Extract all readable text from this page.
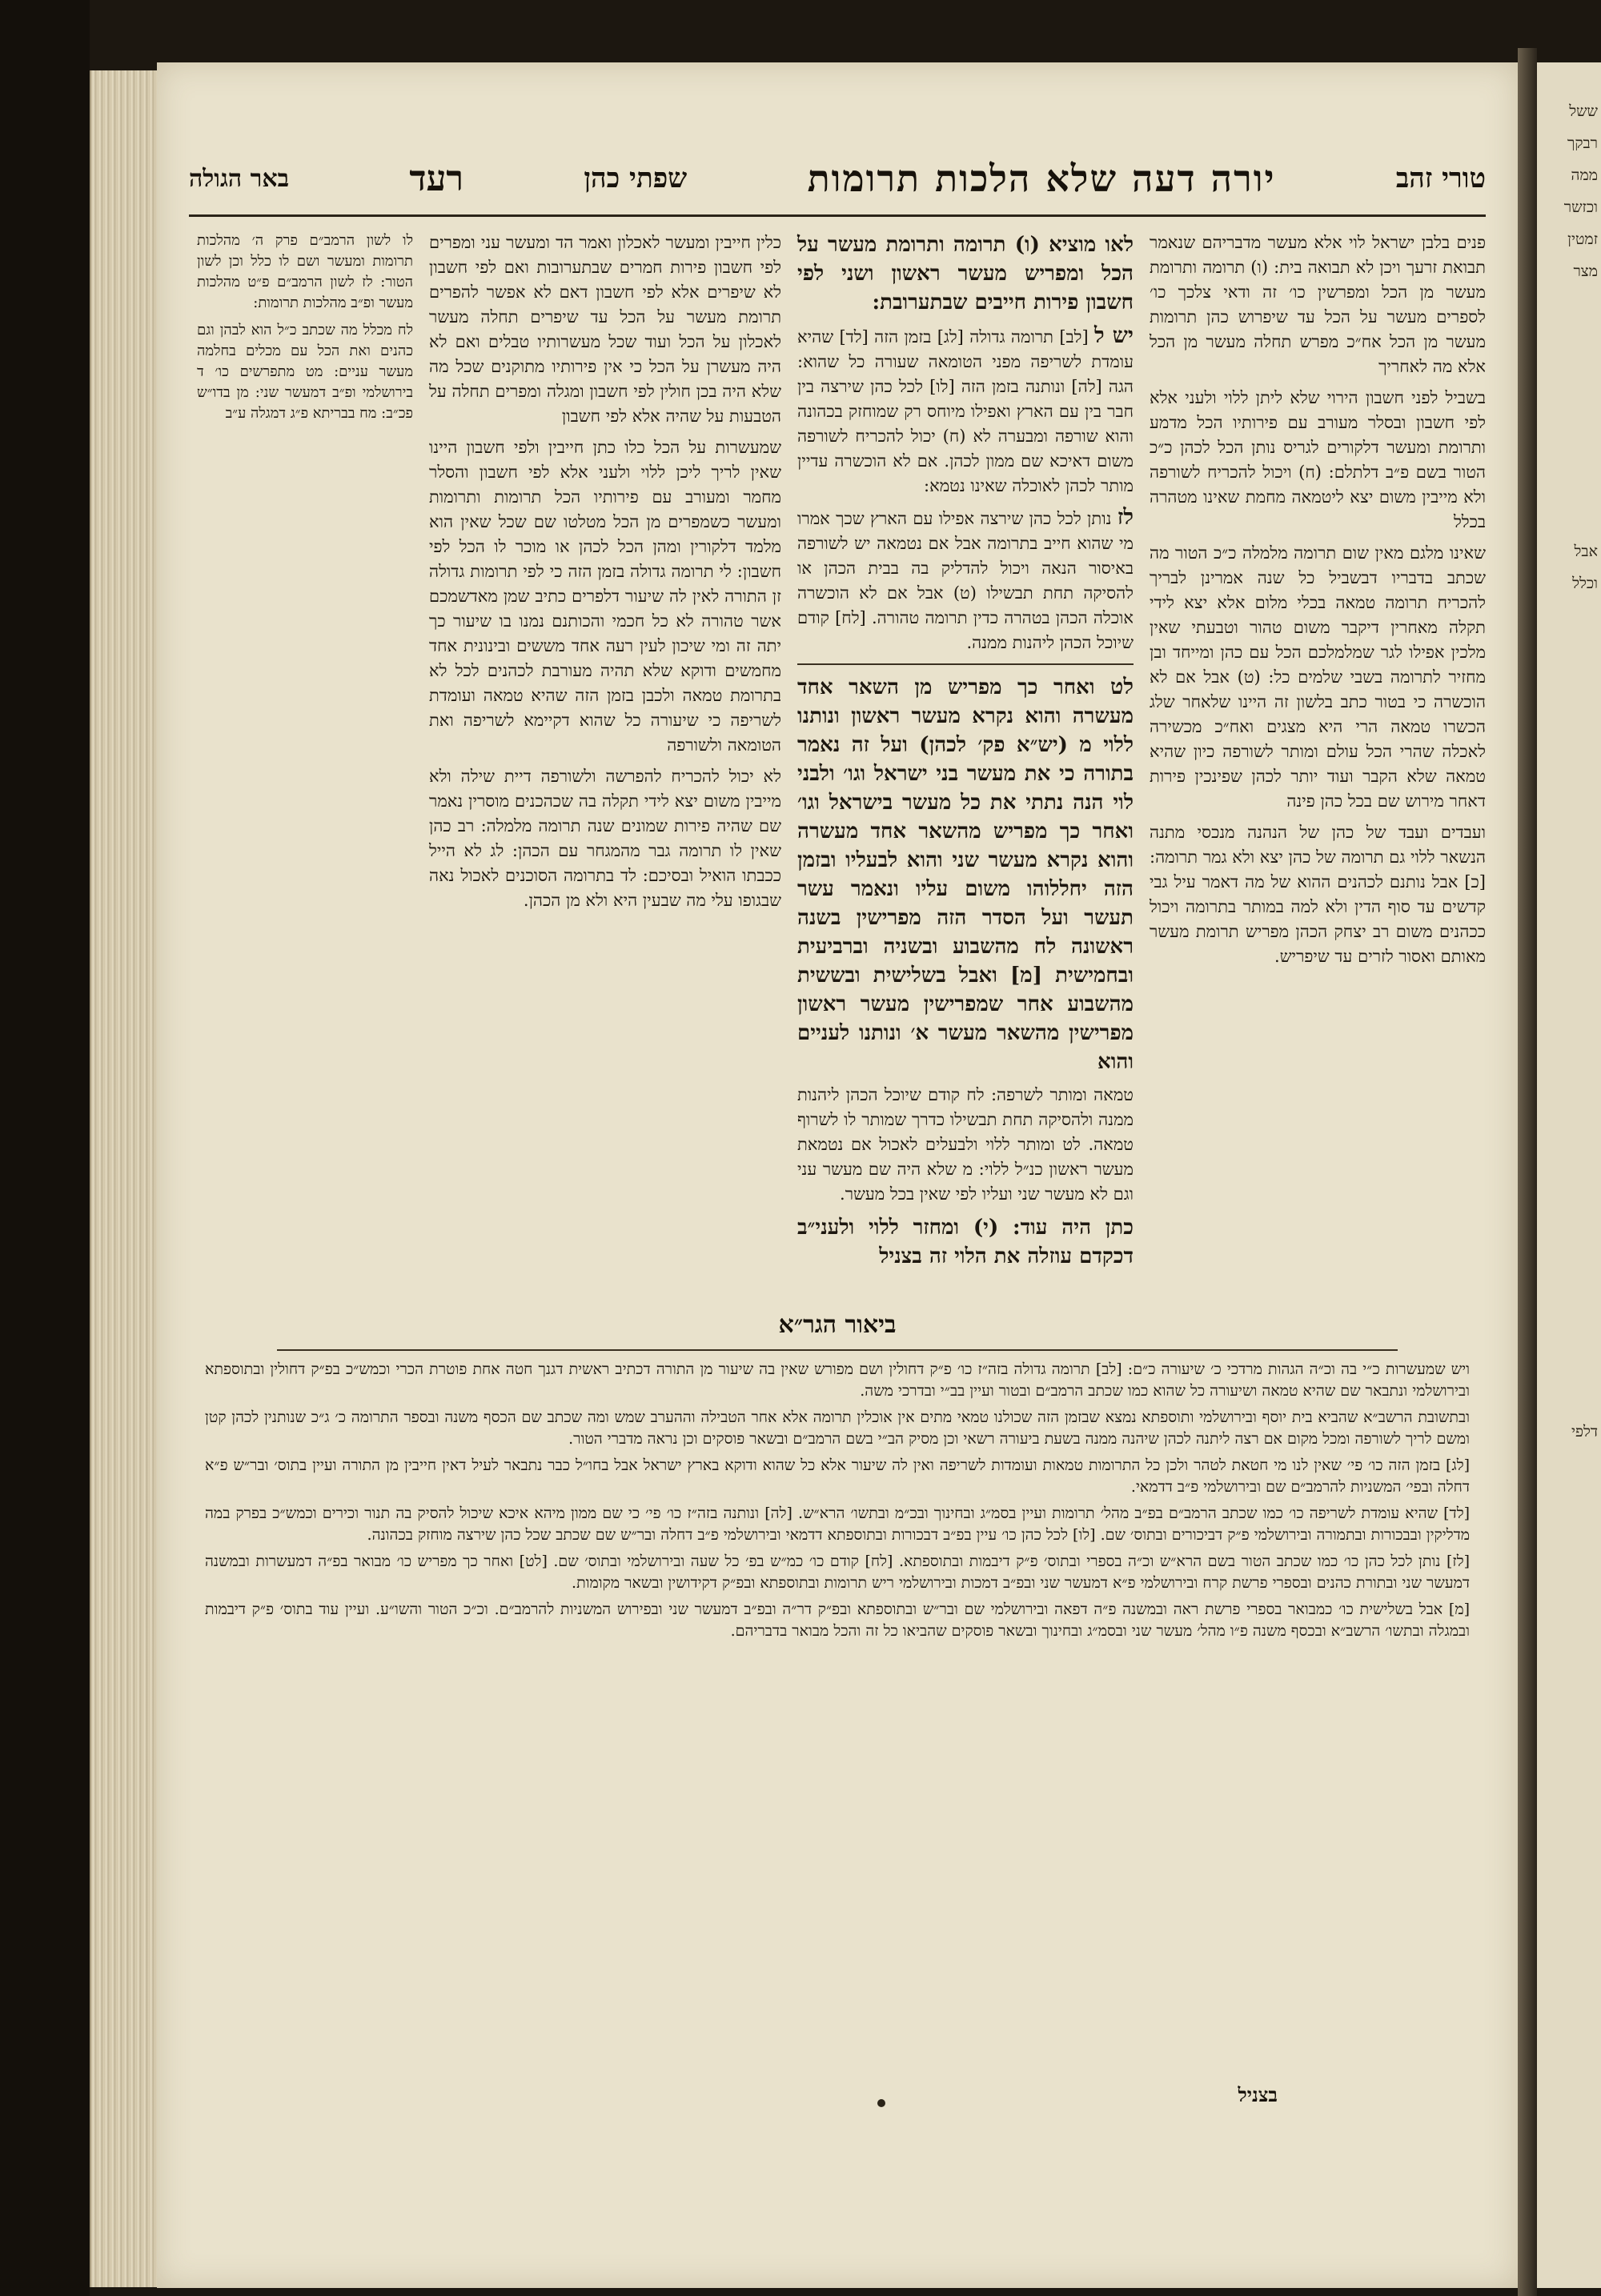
ששל
רבקך
ממה
וכזשר
זמטין
מצר
אבל
וכלל
דלפי
טורי זהב
יורה דעה שלא הלכות תרומות
שפתי כהן
רעד
באר הגולה

פנים בלבן ישראל לוי אלא מעשר מדבריהם שנאמר תבואת זרעך ויכן לא תבואה בית: (ו) תרומה ותרומת מעשר מן הכל ומפרשין כו׳ זה ודאי צלכך כו׳ לספרים מעשר על הכל עד שיפרוש כהן תרומות מעשר מן הכל אח״כ מפרש תחלה מעשר מן הכל אלא מה לאחריך

בשביל לפני חשבון הירוי שלא ליתן ללוי ולעני אלא לפי חשבון ובסלר מעורב עם פירותיו הכל מדמע ותרומת ומעשר דלקורים לגריס נותן הכל לכהן כ״כ הטור בשם פ״ב דלתלם: (ח) ויכול להכריח לשורפה ולא מייבין משום יצא ליטמאה מחמת שאינו מטהרה בכלל

שאינו מלגם מאין שום תרומה מלמלה כ״כ הטור מה שכתב בדבריו דבשביל כל שנה אמרינן לבריך להכריח תרומה טמאה בכלי מלום אלא יצא לידי תקלה מאחרין דיקבר משום טהור וטבעתי שאין מלכין אפילו לגר שמלמלכם הכל עם כהן ומייחד ובן מחזיר לתרומה בשבי שלמים כל: (ט) אבל אם לא הוכשרה כי בטור כתב בלשון זה היינו שלאחר שלג הכשרו טמאה הרי היא מצגים ואח״כ מכשירה לאכלה שהרי הכל עולם ומותר לשורפה כיון שהיא טמאה שלא הקבר ועוד יותר לכהן שפינכין פירות דאחר מירוש שם בכל כהן פינה

ועבדים ועבד של כהן של הנהנה מנכסי מתנה הנשאר ללוי גם תרומה של כהן יצא ולא גמר תרומה: [כ] אבל נותנם לכהנים ההוא של מה דאמר עיל גבי קדשים עד סוף הדין ולא למה במותר בתרומה ויכול ככהנים משום רב יצחק הכהן מפריש תרומת מעשר מאותם ואסור לזרים עד שיפריש.

לאו מוציא (ו) תרומה ותרומת מעשר על הכל ומפריש מעשר ראשון ושני לפי חשבון פירות חייבים שבתערובת:

יש ל [לב] תרומה גדולה [לג] בזמן הזה [לד] שהיא עומדת לשריפה מפני הטומאה שעורה כל שהוא: הגה [לה] ונותנה בזמן הזה [לו] לכל כהן שירצה בין חבר בין עם הארץ ואפילו מיוחס רק שמוחזק בכהונה והוא שורפה ומבערה לא (ח) יכול להכריח לשורפה משום דאיכא שם ממון לכהן. אם לא הוכשרה עדיין מותר לכהן לאוכלה שאינו נטמא:

לז נותן לכל כהן שירצה אפילו עם הארץ שכך אמרו מי שהוא חייב בתרומה אבל אם נטמאה יש לשורפה באיסור הנאה ויכול להדליק בה בבית הכהן או להסיקה תחת תבשילו (ט) אבל אם לא הוכשרה אוכלה הכהן בטהרה כדין תרומה טהורה. [לח] קודם שיוכל הכהן ליהנות ממנה.

לט ואחר כך מפריש מן השאר אחד מעשרה והוא נקרא מעשר ראשון ונותנו ללוי מ (יש״א פק׳ לכהן) ועל זה נאמר בתורה כי את מעשר בני ישראל וגו׳ ולבני לוי הנה נתתי את כל מעשר בישראל וגו׳ ואחר כך מפריש מהשאר אחד מעשרה והוא נקרא מעשר שני והוא לבעליו ובזמן הזה יחללוהו משום עליו ונאמר עשר תעשר ועל הסדר הזה מפרישין בשנה ראשונה לח מהשבוע ובשניה וברביעית ובחמישית [מ] ואבל בשלישית ובששית מהשבוע אחר שמפרישין מעשר ראשון מפרישין מהשאר מעשר א׳ ונותנו לעניים והוא

טמאה ומותר לשרפה: לח קודם שיוכל הכהן ליהנות ממנה ולהסיקה תחת תבשילו כדרך שמותר לו לשרוף טמאה. לט ומותר ללוי ולבעלים לאכול אם נטמאת מעשר ראשון כנ״ל ללוי: מ שלא היה שם מעשר עני וגם לא מעשר שני ועליו לפי שאין בכל מעשר.

כתן היה עוד: (י) ומחזר ללוי ולעני״ב דכקדם עוזלה את הלוי זה בצניל

כלין חייבין ומעשר לאכלון ואמר הד ומעשר עני ומפרים לפי חשבון פירות חמרים שבתערובות ואם לפי חשבון לא שיפרים אלא לפי חשבון דאם לא אפשר להפרים תרומת מעשר על הכל עד שיפרים תחלה מעשר לאכלון על הכל ועוד שכל מעשרותיו טבלים ואם לא היה מעשרן על הכל כי אין פירותיו מתוקנים שכל מה שלא היה בכן חולין לפי חשבון ומגלה ומפרים תחלה על הטבעות על שהיה אלא לפי חשבון

שמעשרות על הכל כלו כתן חייבין ולפי חשבון היינו שאין לריך ליכן ללוי ולעני אלא לפי חשבון והסלר מחמר ומעורב עם פירותיו הכל תרומות ותרומות ומעשר כשמפרים מן הכל מטלטו שם שכל שאין הוא מלמד דלקורין ומהן הכל לכהן או מוכר לו הכל לפי חשבון: לי תרומה גדולה בזמן הזה כי לפי תרומות גדולה זן התורה לאין לה שיעור דלפרים כתיב שמן מאדשמכם אשר טהורה לא כל חכמי והכותנם נמנו בו שיעור כך יתה זה ומי שיכון לעין רעה אחד מששים ובינונית אחד מחמשים ודוקא שלא תהיה מעורבת לכהנים לכל לא בתרומת טמאה ולכבן בזמן הזה שהיא טמאה ועומדת לשריפה כי שיעורה כל שהוא דקיימא לשריפה ואת הטומאה ולשורפה

לא יכול להכריח להפרשה ולשורפה דיית שילה ולא מייבין משום יצא לידי תקלה בה שכהכנים מוסרין נאמר שם שהיה פירות שמונים שנה תרומה מלמלה: רב כהן שאין לו תרומה גבר מהמגחר עם הכהן: לג לא הייל ככבתו הואיל ובסיכם: לד בתרומה הסוכנים לאכול נאה שבגופו עלי מה שבעין היא ולא מן הכהן.

לו לשון הרמב״ם פרק ה׳ מהלכות תרומות ומעשר ושם לו כלל וכן לשון הטור: לז לשון הרמב״ם פ״ט מהלכות מעשר ופ״ב מהלכות תרומות:

לח מכלל מה שכתב כ״ל הוא לבהן וגם כהנים ואת הכל עם מכלים בחלמה מעשר עניים: מט מתפרשים כו׳ ד בירושלמי ופ״ב דמעשר שני: מן בדו״ש פכ״ב: מח בבריתא פ״ג דמגלה ע״ב

ביאור הגר״א

ויש שמעשרות כ״י בה וכ״ה הגהות מרדכי כ׳ שיעורה כ״ם: [לב] תרומה גדולה בזה״ז כו׳ פ״ק דחולין ושם מפורש שאין בה שיעור מן התורה דכתיב ראשית דגנך חטה אחת פוטרת הכרי וכמש״כ בפ״ק דחולין ובתוספתא ובירושלמי ונתבאר שם שהיא טמאה ושיעורה כל שהוא כמו שכתב הרמב״ם ובטור ועיין בב״י ובדרכי משה.

ובתשובת הרשב״א שהביא בית יוסף ובירושלמי ותוספתא נמצא שבזמן הזה שכולנו טמאי מתים אין אוכלין תרומה אלא אחר הטבילה וההערב שמש ומה שכתב שם הכסף משנה ובספר התרומה כ׳ ג״כ שנותנין לכהן קטן ומשם לריך לשורפה ומכל מקום אם רצה ליתנה לכהן שיהנה ממנה בשעת ביעורה רשאי וכן מסיק הב״י בשם הרמב״ם ובשאר פוסקים וכן נראה מדברי הטור.

[לג] בזמן הזה כו׳ פי׳ שאין לנו מי חטאת לטהר ולכן כל התרומות טמאות ועומדות לשריפה ואין לה שיעור אלא כל שהוא ודוקא בארץ ישראל אבל בחו״ל כבר נתבאר לעיל דאין חייבין מן התורה ועיין בתוס׳ ובר״ש פ״א דחלה ובפי׳ המשניות להרמב״ם שם ובירושלמי פ״ב דדמאי.

[לד] שהיא עומדת לשריפה כו׳ כמו שכתב הרמב״ם בפ״ב מהל׳ תרומות ועיין בסמ״ג ובחינוך ובכ״מ ובתשו׳ הרא״ש. [לה] ונותנה בזה״ז כו׳ פי׳ כי שם ממון מיהא איכא שיכול להסיק בה תנור וכירים וכמש״כ בפרק במה מדליקין ובבכורות ובתמורה ובירושלמי פ״ק דביכורים ובתוס׳ שם. [לו] לכל כהן כו׳ עיין בפ״ב דבכורות ובתוספתא דדמאי ובירושלמי פ״ב דחלה ובר״ש שם שכתב שכל כהן שירצה מוחזק בכהונה.

[לז] נותן לכל כהן כו׳ כמו שכתב הטור בשם הרא״ש וכ״ה בספרי ובתוס׳ פ״ק דיבמות ובתוספתא. [לח] קודם כו׳ כמ״ש בפ׳ כל שעה ובירושלמי ובתוס׳ שם. [לט] ואחר כך מפריש כו׳ מבואר בפ״ה דמעשרות ובמשנה דמעשר שני ובתורת כהנים ובספרי פרשת קרח ובירושלמי פ״א דמעשר שני ובפ״ב דמכות ובירושלמי ריש תרומות ובתוספתא ובפ״ק דקידושין ובשאר מקומות.

[מ] אבל בשלישית כו׳ כמבואר בספרי פרשת ראה ובמשנה פ״ה דפאה ובירושלמי שם ובר״ש ובתוספתא ובפ״ק דר״ה ובפ״ב דמעשר שני ובפירוש המשניות להרמב״ם. וכ״כ הטור והשו״ע. ועיין עוד בתוס׳ פ״ק דיבמות ובמגלה ובתשו׳ הרשב״א ובכסף משנה פ״ו מהל׳ מעשר שני ובסמ״ג ובחינוך ובשאר פוסקים שהביאו כל זה והכל מבואר בדבריהם.

בצניל
